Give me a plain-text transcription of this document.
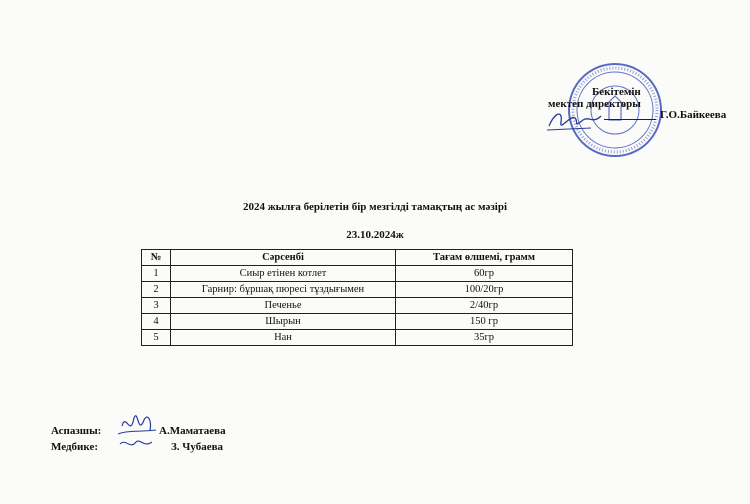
Бекітемін
мектеп директоры
Г.О.Байкеева
2024 жылға берілетін бір мезгілді тамақтың ас мәзірі
23.10.2024ж
№	Сәрсенбі	Тағам өлшемі, грамм
1	Сиыр етінен котлет	60гр
2	Гарнир: бұршақ пюресі тұздығымен	100/20гр
3	Печенье	2/40гр
4	Шырын	150 гр
5	Нан	35гр
Аспазшы:	А.Маматаева
Медбике:	З. Чубаева
